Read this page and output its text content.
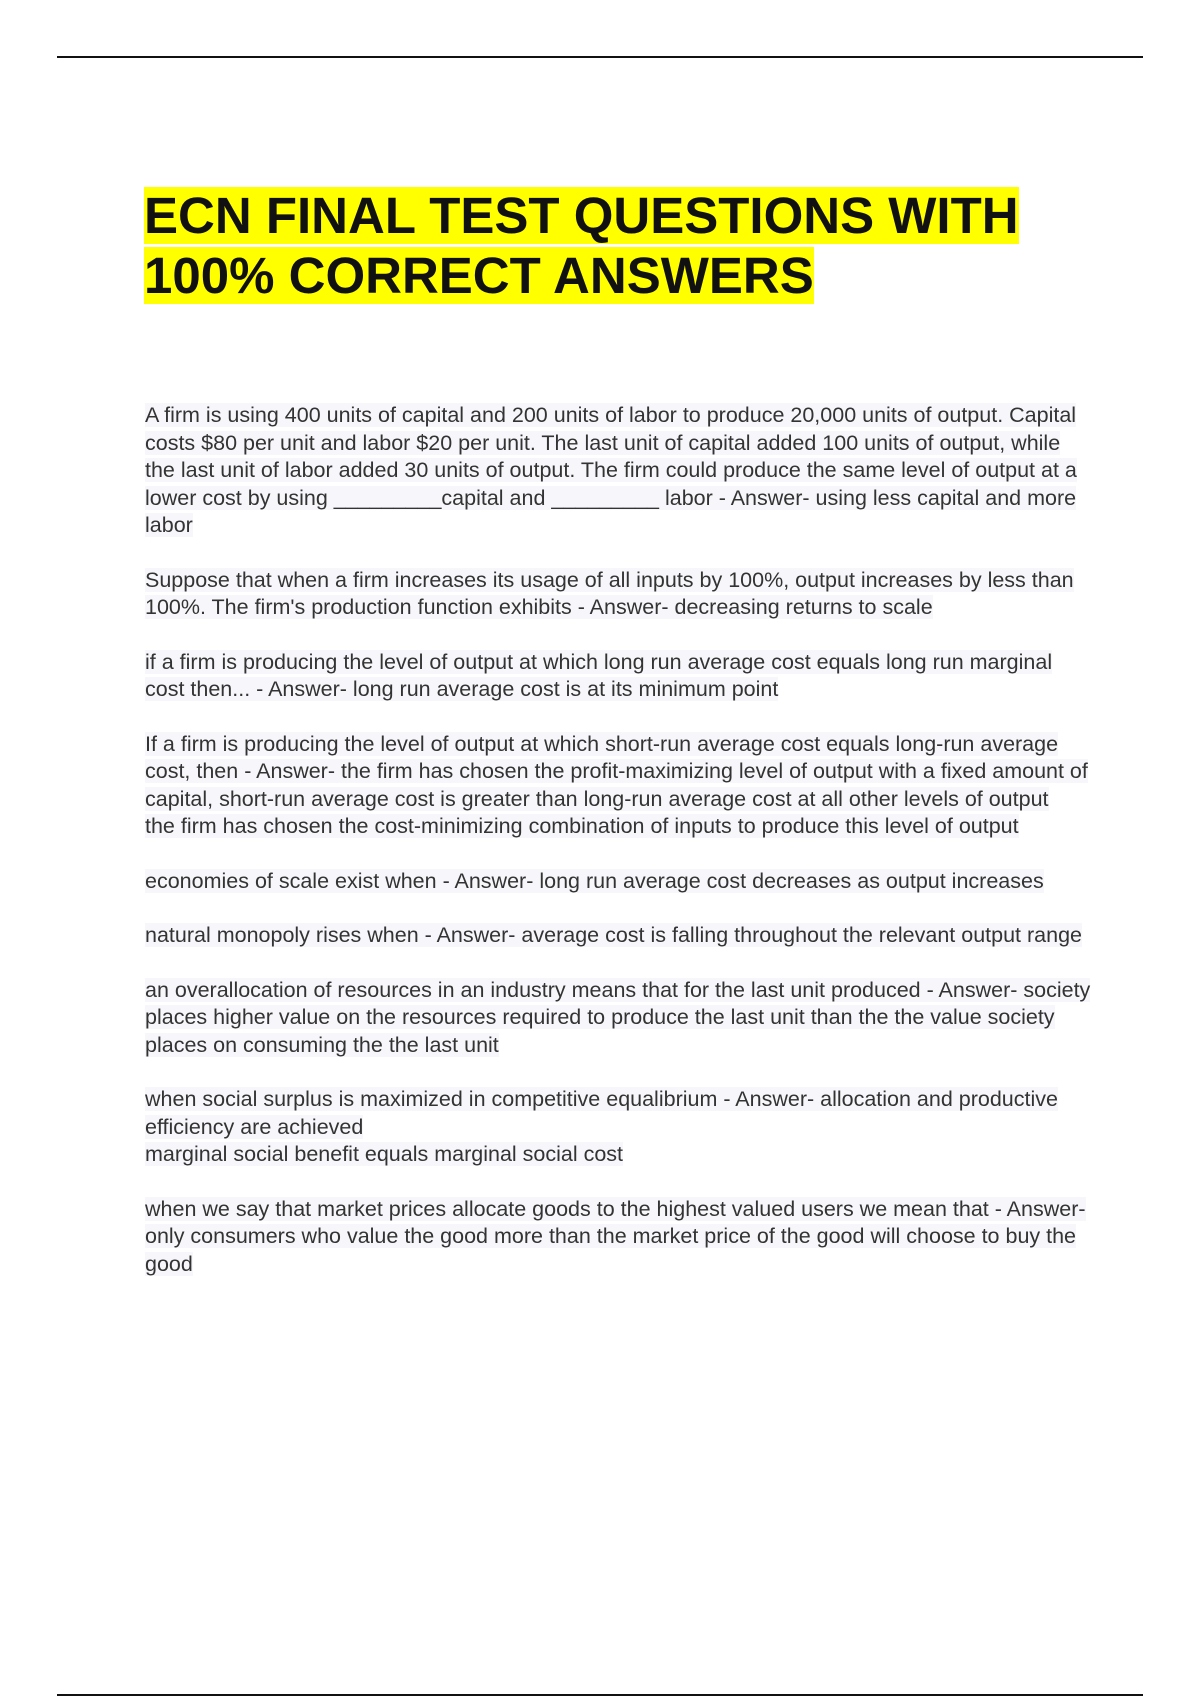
ECN FINAL TEST QUESTIONS WITH 100% CORRECT ANSWERS

A firm is using 400 units of capital and 200 units of labor to produce 20,000 units of output. Capital costs $80 per unit and labor $20 per unit. The last unit of capital added 100 units of output, while the last unit of labor added 30 units of output. The firm could produce the same level of output at a lower cost by using _________capital and _________ labor - Answer- using less capital and more labor

Suppose that when a firm increases its usage of all inputs by 100%, output increases by less than 100%. The firm's production function exhibits - Answer- decreasing returns to scale

if a firm is producing the level of output at which long run average cost equals long run marginal cost then... - Answer- long run average cost is at its minimum point

If a firm is producing the level of output at which short-run average cost equals long-run average cost, then - Answer- the firm has chosen the profit-maximizing level of output with a fixed amount of capital, short-run average cost is greater than long-run average cost at all other levels of output

the firm has chosen the cost-minimizing combination of inputs to produce this level of output

economies of scale exist when - Answer- long run average cost decreases as output increases

natural monopoly rises when - Answer- average cost is falling throughout the relevant output range

an overallocation of resources in an industry means that for the last unit produced - Answer- society places higher value on the resources required to produce the last unit than the the value society places on consuming the the last unit

when social surplus is maximized in competitive equalibrium - Answer- allocation and productive efficiency are achieved

marginal social benefit equals marginal social cost

when we say that market prices allocate goods to the highest valued users we mean that - Answer- only consumers who value the good more than the market price of the good will choose to buy the good
